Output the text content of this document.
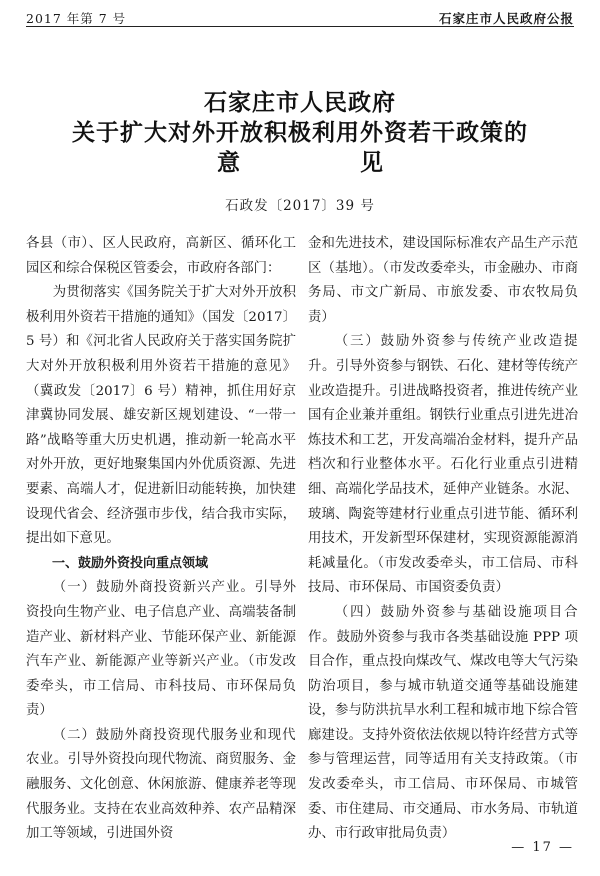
2017 年第 7 号	石家庄市人民政府公报
石家庄市人民政府
关于扩大对外开放积极利用外资若干政策的
意见
石政发〔2017〕39 号

各县（市）、区人民政府，高新区、循环化工园区和综合保税区管委会，市政府各部门：

为贯彻落实《国务院关于扩大对外开放积极利用外资若干措施的通知》（国发〔2017〕5 号）和《河北省人民政府关于落实国务院扩大对外开放积极利用外资若干措施的意见》（冀政发〔2017〕6 号）精神，抓住用好京津冀协同发展、雄安新区规划建设、“一带一路”战略等重大历史机遇，推动新一轮高水平对外开放，更好地聚集国内外优质资源、先进要素、高端人才，促进新旧动能转换，加快建设现代省会、经济强市步伐，结合我市实际，提出如下意见。

一、鼓励外资投向重点领域

（一）鼓励外商投资新兴产业。引导外资投向生物产业、电子信息产业、高端装备制造产业、新材料产业、节能环保产业、新能源汽车产业、新能源产业等新兴产业。（市发改委牵头，市工信局、市科技局、市环保局负责）

（二）鼓励外商投资现代服务业和现代农业。引导外资投向现代物流、商贸服务、金融服务、文化创意、休闲旅游、健康养老等现代服务业。支持在农业高效种养、农产品精深加工等领域，引进国外资

金和先进技术，建设国际标准农产品生产示范区（基地）。（市发改委牵头，市金融办、市商务局、市文广新局、市旅发委、市农牧局负责）

（三）鼓励外资参与传统产业改造提升。引导外资参与钢铁、石化、建材等传统产业改造提升。引进战略投资者，推进传统产业国有企业兼并重组。钢铁行业重点引进先进冶炼技术和工艺，开发高端冶金材料，提升产品档次和行业整体水平。石化行业重点引进精细、高端化学品技术，延伸产业链条。水泥、玻璃、陶瓷等建材行业重点引进节能、循环利用技术，开发新型环保建材，实现资源能源消耗减量化。（市发改委牵头，市工信局、市科技局、市环保局、市国资委负责）

（四）鼓励外资参与基础设施项目合作。鼓励外资参与我市各类基础设施 PPP 项目合作，重点投向煤改气、煤改电等大气污染防治项目，参与城市轨道交通等基础设施建设，参与防洪抗旱水利工程和城市地下综合管廊建设。支持外资依法依规以特许经营方式等参与管理运营，同等适用有关支持政策。（市发改委牵头，市工信局、市环保局、市城管委、市住建局、市交通局、市水务局、市轨道办、市行政审批局负责）

— 17 —
